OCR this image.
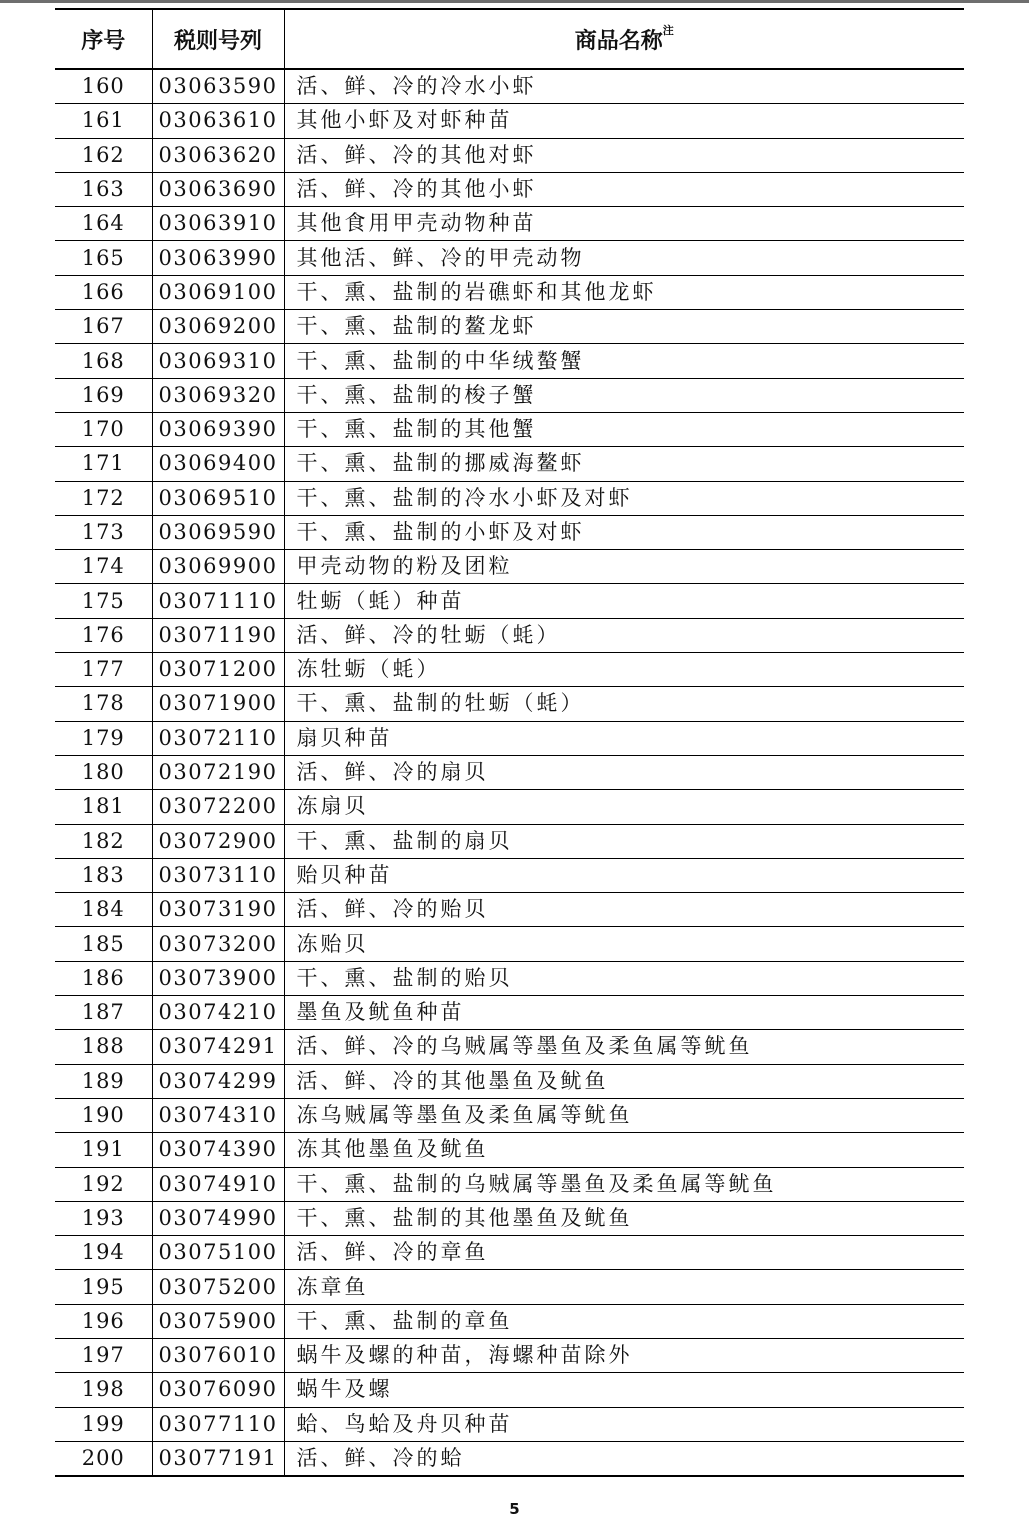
序号	税则号列	商品名称$^注$
160	03063590	活、鲜、冷的冷水小虾
161	03063610	其他小虾及对虾种苗
162	03063620	活、鲜、冷的其他对虾
163	03063690	活、鲜、冷的其他小虾
164	03063910	其他食用甲壳动物种苗
165	03063990	其他活、鲜、冷的甲壳动物
166	03069100	干、熏、盐制的岩礁虾和其他龙虾
167	03069200	干、熏、盐制的鳌龙虾
168	03069310	干、熏、盐制的中华绒螯蟹
169	03069320	干、熏、盐制的梭子蟹
170	03069390	干、熏、盐制的其他蟹
171	03069400	干、熏、盐制的挪威海鳌虾
172	03069510	干、熏、盐制的冷水小虾及对虾
173	03069590	干、熏、盐制的小虾及对虾
174	03069900	甲壳动物的粉及团粒
175	03071110	牡蛎（蚝）种苗
176	03071190	活、鲜、冷的牡蛎（蚝）
177	03071200	冻牡蛎（蚝）
178	03071900	干、熏、盐制的牡蛎（蚝）
179	03072110	扇贝种苗
180	03072190	活、鲜、冷的扇贝
181	03072200	冻扇贝
182	03072900	干、熏、盐制的扇贝
183	03073110	贻贝种苗
184	03073190	活、鲜、冷的贻贝
185	03073200	冻贻贝
186	03073900	干、熏、盐制的贻贝
187	03074210	墨鱼及鱿鱼种苗
188	03074291	活、鲜、冷的乌贼属等墨鱼及柔鱼属等鱿鱼
189	03074299	活、鲜、冷的其他墨鱼及鱿鱼
190	03074310	冻乌贼属等墨鱼及柔鱼属等鱿鱼
191	03074390	冻其他墨鱼及鱿鱼
192	03074910	干、熏、盐制的乌贼属等墨鱼及柔鱼属等鱿鱼
193	03074990	干、熏、盐制的其他墨鱼及鱿鱼
194	03075100	活、鲜、冷的章鱼
195	03075200	冻章鱼
196	03075900	干、熏、盐制的章鱼
197	03076010	蜗牛及螺的种苗，海螺种苗除外
198	03076090	蜗牛及螺
199	03077110	蛤、鸟蛤及舟贝种苗
200	03077191	活、鲜、冷的蛤
5
